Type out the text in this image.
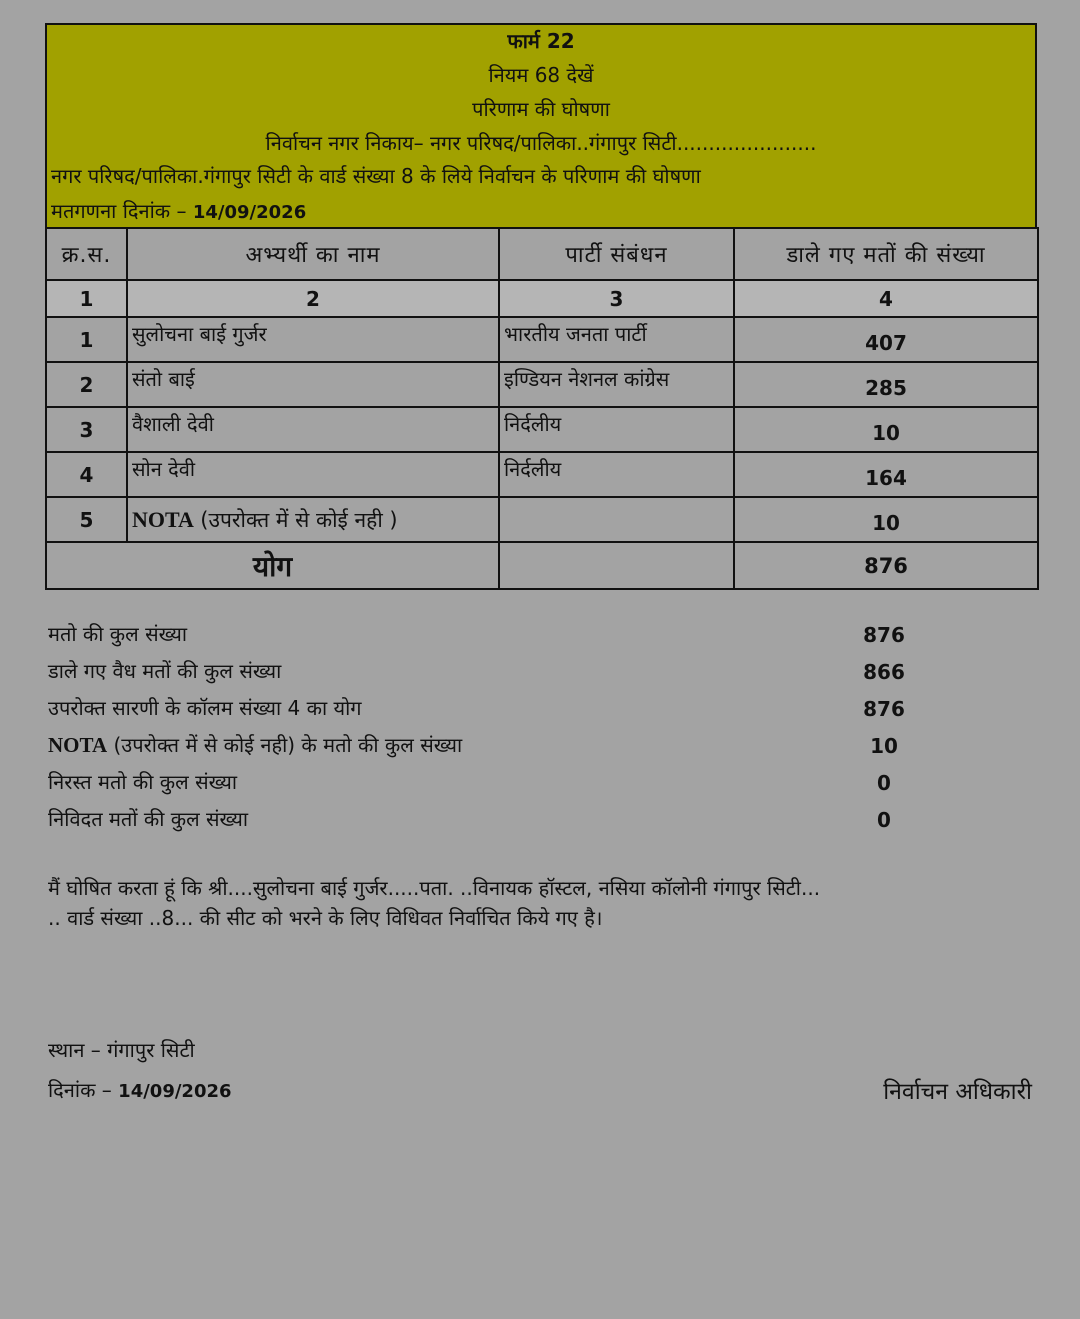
फार्म 22
नियम 68 देखें
परिणाम की घोषणा
निर्वाचन नगर निकाय– नगर परिषद/पालिका..गंगापुर सिटी......................
नगर परिषद/पालिका.गंगापुर सिटी के वार्ड संख्या 8 के लिये निर्वाचन के परिणाम की घोषणा
मतगणना दिनांक – 14/09/2026
क्र.स.	अभ्यर्थी का नाम	पार्टी संबंधन	डाले गए मतों की संख्या
1	2	3	4
1	सुलोचना बाई गुर्जर	भारतीय जनता पार्टी	407
2	संतो बाई	इण्डियन नेशनल कांग्रेस	285
3	वैशाली देवी	निर्दलीय	10
4	सोन देवी	निर्दलीय	164
5	NOTA (उपरोक्त में से कोई नही )		10
योग			876
मतो की कुल संख्या	876
डाले गए वैध मतों की कुल संख्या	866
उपरोक्त सारणी के कॉलम संख्या 4 का योग	876
NOTA (उपरोक्त में से कोई नही) के मतो की कुल संख्या	10
निरस्त मतो की कुल संख्या	0
निविदत मतों की कुल संख्या	0
मैं घोषित करता हूं कि श्री....सुलोचना बाई गुर्जर.....पता. ..विनायक हॉस्टल, नसिया कॉलोनी गंगापुर सिटी...
.. वार्ड संख्या ..8... की सीट को भरने के लिए विधिवत निर्वाचित किये गए है।
स्थान – गंगापुर सिटी
दिनांक – 14/09/2026	निर्वाचन अधिकारी
